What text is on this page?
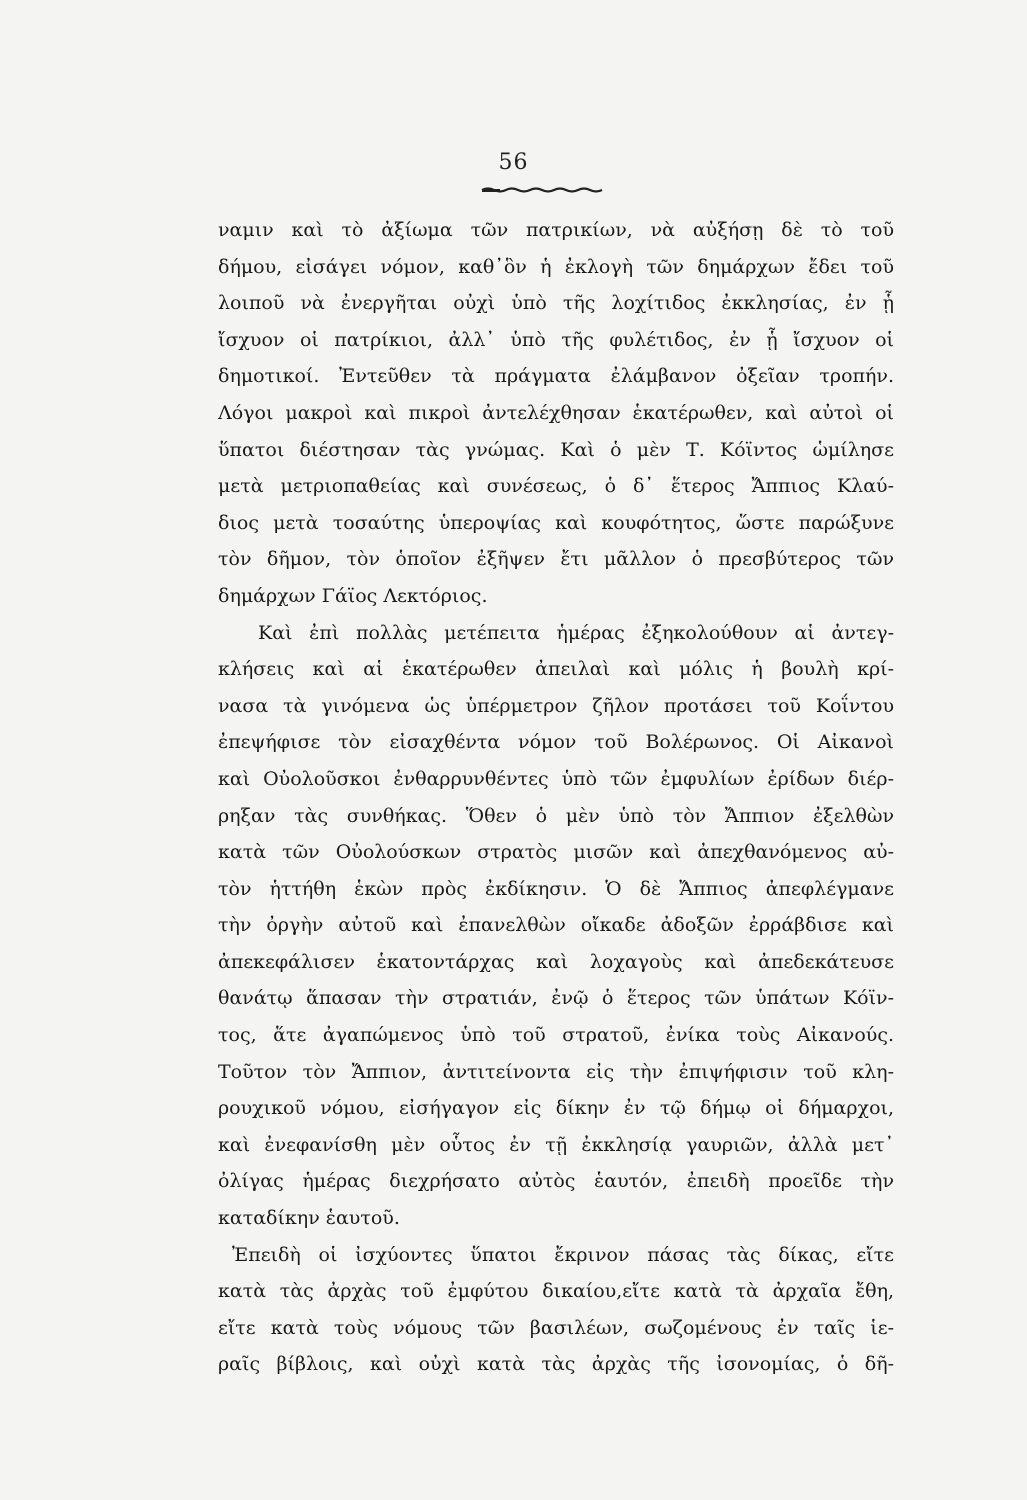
56
ναμιν καὶ τὸ ἀξίωμα τῶν πατρικίων, νὰ αὐξήσῃ δὲ τὸ τοῦ
δήμου, εἰσάγει νόμον, καθ᾽ὃν ἡ ἐκλογὴ τῶν δημάρχων ἔδει τοῦ
λοιποῦ νὰ ἐνεργῆται οὐχὶ ὑπὸ τῆς λοχίτιδος ἐκκλησίας, ἐν ᾗ
ἴσχυον οἱ πατρίκιοι, ἀλλ᾽ ὑπὸ τῆς φυλέτιδος, ἐν ᾗ ἴσχυον οἱ
δημοτικοί. Ἐντεῦθεν τὰ πράγματα ἐλάμβανον ὀξεῖαν τροπήν.
Λόγοι μακροὶ καὶ πικροὶ ἀντελέχθησαν ἑκατέρωθεν, καὶ αὐτοὶ οἱ
ὕπατοι διέστησαν τὰς γνώμας. Καὶ ὁ μὲν Τ. Κόϊντος ὡμίλησε
μετὰ μετριοπαθείας καὶ συνέσεως, ὁ δ᾽ ἕτερος Ἄππιος Κλαύ-
διος μετὰ τοσαύτης ὑπεροψίας καὶ κουφότητος, ὥστε παρώξυνε
τὸν δῆμον, τὸν ὁποῖον ἐξῆψεν ἔτι μᾶλλον ὁ πρεσβύτερος τῶν
δημάρχων Γάϊος Λεκτόριος.
Καὶ ἐπὶ πολλὰς μετέπειτα ἡμέρας ἐξηκολούθουν αἱ ἀντεγ-
κλήσεις καὶ αἱ ἑκατέρωθεν ἀπειλαὶ καὶ μόλις ἡ βουλὴ κρί-
νασα τὰ γινόμενα ὡς ὑπέρμετρον ζῆλον προτάσει τοῦ Κοΐντου
ἐπεψήφισε τὸν εἰσαχθέντα νόμον τοῦ Βολέρωνος. Οἱ Αἰκανοὶ
καὶ Οὐολοῦσκοι ἐνθαρρυνθέντες ὑπὸ τῶν ἐμφυλίων ἐρίδων διέρ-
ρηξαν τὰς συνθήκας. Ὅθεν ὁ μὲν ὑπὸ τὸν Ἄππιον ἐξελθὼν
κατὰ τῶν Οὐολούσκων στρατὸς μισῶν καὶ ἀπεχθανόμενος αὐ-
τὸν ἡττήθη ἑκὼν πρὸς ἐκδίκησιν. Ὁ δὲ Ἄππιος ἀπεφλέγμανε
τὴν ὀργὴν αὐτοῦ καὶ ἐπανελθὼν οἴκαδε ἀδοξῶν ἐρράβδισε καὶ
ἀπεκεφάλισεν ἑκατοντάρχας καὶ λοχαγοὺς καὶ ἀπεδεκάτευσε
θανάτῳ ἅπασαν τὴν στρατιάν, ἐνῷ ὁ ἕτερος τῶν ὑπάτων Κόϊν-
τος, ἅτε ἀγαπώμενος ὑπὸ τοῦ στρατοῦ, ἐνίκα τοὺς Αἰκανούς.
Τοῦτον τὸν Ἄππιον, ἀντιτείνοντα εἰς τὴν ἐπιψήφισιν τοῦ κλη-
ρουχικοῦ νόμου, εἰσήγαγον εἰς δίκην ἐν τῷ δήμῳ οἱ δήμαρχοι,
καὶ ἐνεφανίσθη μὲν οὗτος ἐν τῇ ἐκκλησίᾳ γαυριῶν, ἀλλὰ μετ᾽
ὀλίγας ἡμέρας διεχρήσατο αὐτὸς ἑαυτόν, ἐπειδὴ προεῖδε τὴν
καταδίκην ἑαυτοῦ.
Ἐπειδὴ οἱ ἰσχύοντες ὕπατοι ἔκρινον πάσας τὰς δίκας, εἴτε
κατὰ τὰς ἀρχὰς τοῦ ἐμφύτου δικαίου,εἴτε κατὰ τὰ ἀρχαῖα ἔθη,
εἴτε κατὰ τοὺς νόμους τῶν βασιλέων, σωζομένους ἐν ταῖς ἱε-
ραῖς βίβλοις, καὶ οὐχὶ κατὰ τὰς ἀρχὰς τῆς ἰσονομίας, ὁ δῆ-
